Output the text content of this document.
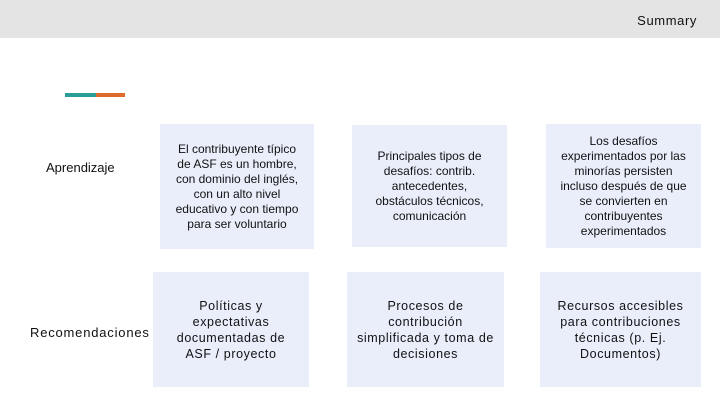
Summary
Aprendizaje
Recomendaciones
El contribuyente típico de ASF es un hombre, con dominio del inglés, con un alto nivel educativo y con tiempo para ser voluntario
Principales tipos de desafíos: contrib. antecedentes, obstáculos técnicos, comunicación
Los desafíos experimentados por las minorías persisten incluso después de que se convierten en contribuyentes experimentados
Políticas y expectativas documentadas de ASF / proyecto
Procesos de contribución simplificada y toma de decisiones
Recursos accesibles para contribuciones técnicas (p. Ej. Documentos)
